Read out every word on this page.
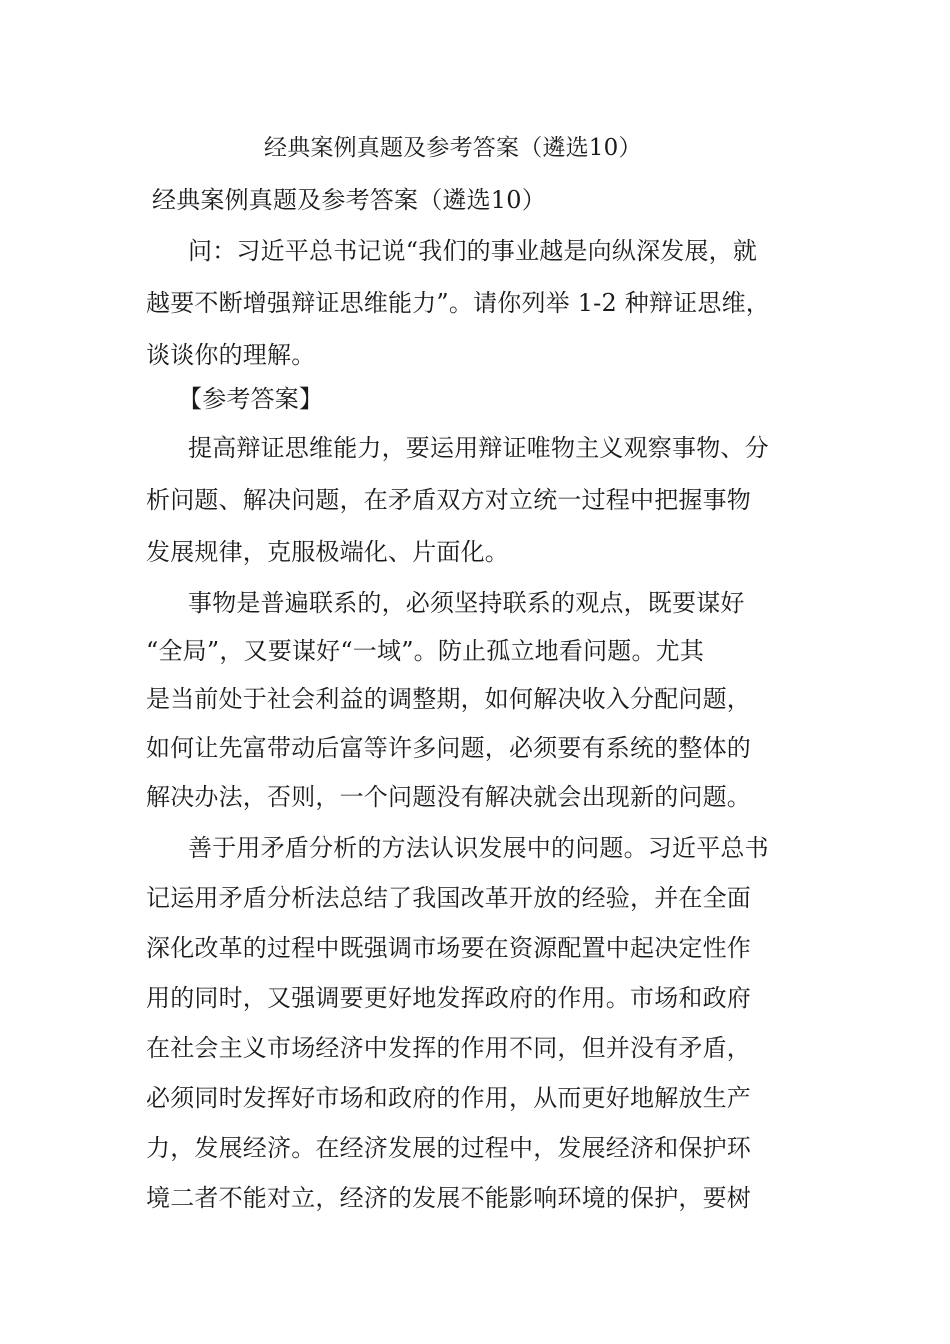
经典案例真题及参考答案（遴选10）
经典案例真题及参考答案（遴选10）
问：习近平总书记说“我们的事业越是向纵深发展，就
越要不断增强辩证思维能力”。请你列举 1-2 种辩证思维，
谈谈你的理解。
【参考答案】
提高辩证思维能力，要运用辩证唯物主义观察事物、分
析问题、解决问题，在矛盾双方对立统一过程中把握事物
发展规律，克服极端化、片面化。
事物是普遍联系的，必须坚持联系的观点，既要谋好
“全局”，又要谋好“一域”。防止孤立地看问题。尤其
是当前处于社会利益的调整期，如何解决收入分配问题，
如何让先富带动后富等许多问题，必须要有系统的整体的
解决办法，否则，一个问题没有解决就会出现新的问题。
善于用矛盾分析的方法认识发展中的问题。习近平总书
记运用矛盾分析法总结了我国改革开放的经验，并在全面
深化改革的过程中既强调市场要在资源配置中起决定性作
用的同时，又强调要更好地发挥政府的作用。市场和政府
在社会主义市场经济中发挥的作用不同，但并没有矛盾，
必须同时发挥好市场和政府的作用，从而更好地解放生产
力，发展经济。在经济发展的过程中，发展经济和保护环
境二者不能对立，经济的发展不能影响环境的保护，要树
